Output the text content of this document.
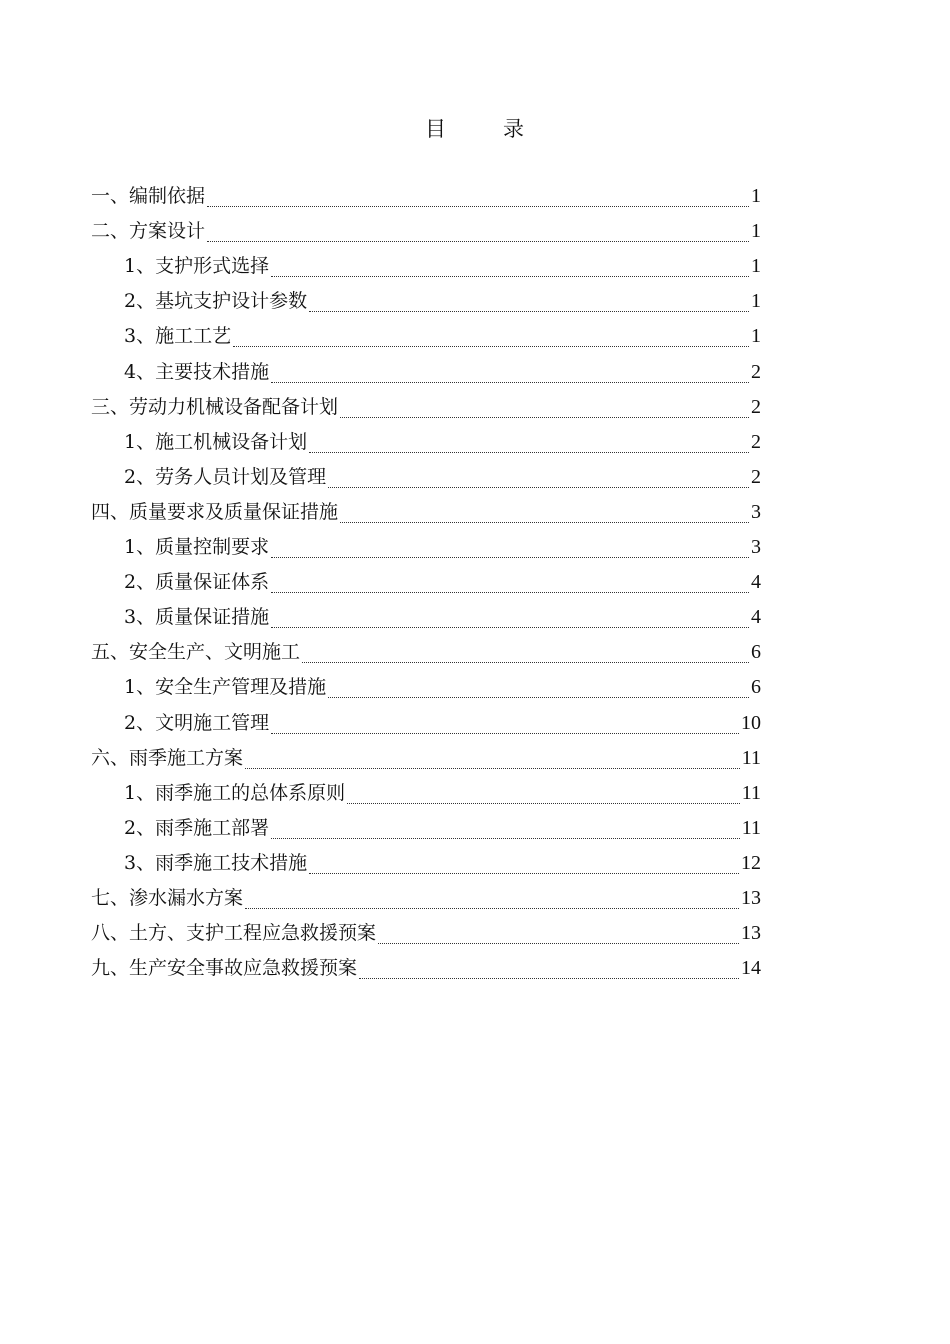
目	录
一、编制依据	1
二、方案设计	1
1、支护形式选择	1
2、基坑支护设计参数	1
3、施工工艺	1
4、主要技术措施	2
三、劳动力机械设备配备计划	2
1、施工机械设备计划	2
2、劳务人员计划及管理	2
四、质量要求及质量保证措施	3
1、质量控制要求	3
2、质量保证体系	4
3、质量保证措施	4
五、安全生产、文明施工	6
1、安全生产管理及措施	6
2、文明施工管理	10
六、雨季施工方案	11
1、雨季施工的总体系原则	11
2、雨季施工部署	11
3、雨季施工技术措施	12
七、渗水漏水方案	13
八、土方、支护工程应急救援预案	13
九、生产安全事故应急救援预案	14
